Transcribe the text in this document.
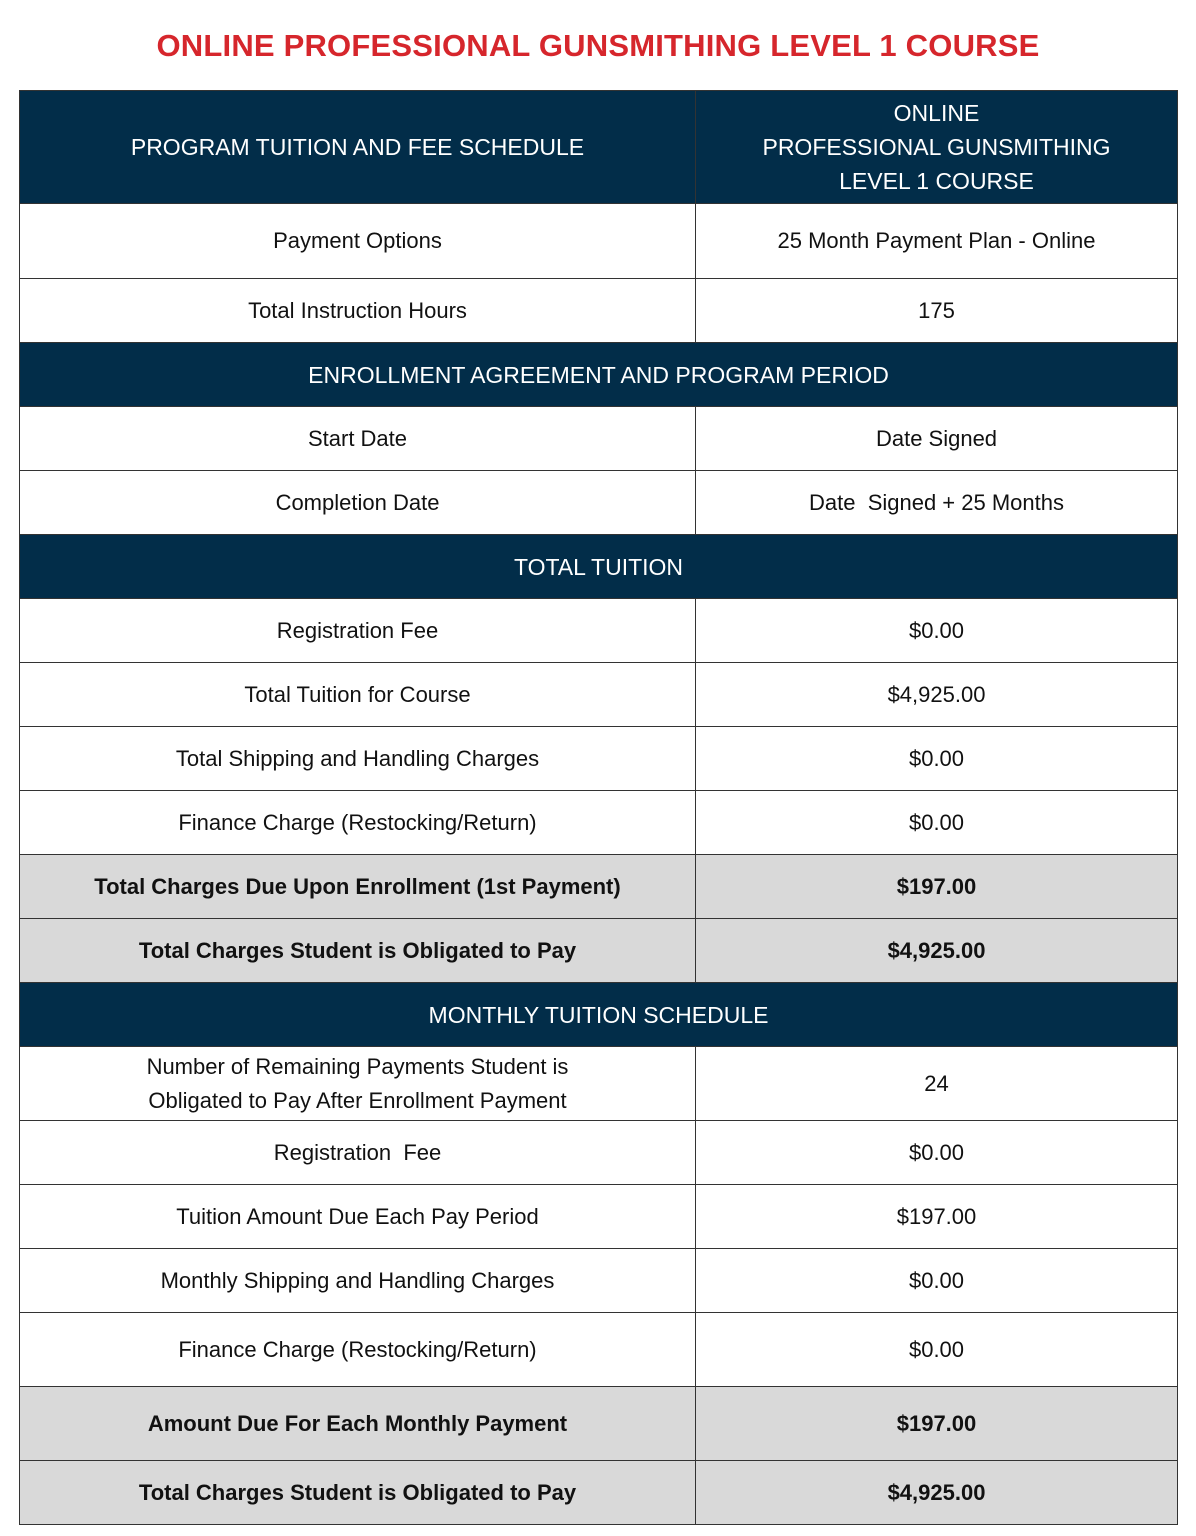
ONLINE PROFESSIONAL GUNSMITHING LEVEL 1 COURSE
PROGRAM TUITION AND FEE SCHEDULE	ONLINE
PROFESSIONAL GUNSMITHING
LEVEL 1 COURSE

Payment Options	25 Month Payment Plan - Online
Total Instruction Hours	175
ENROLLMENT AGREEMENT AND PROGRAM PERIOD	
Start Date	Date Signed
Completion Date	Date  Signed + 25 Months
TOTAL TUITION	
Registration Fee	$0.00
Total Tuition for Course	$4,925.00
Total Shipping and Handling Charges	$0.00
Finance Charge (Restocking/Return)	$0.00
Total Charges Due Upon Enrollment (1st Payment)	$197.00
Total Charges Student is Obligated to Pay	$4,925.00
MONTHLY TUITION SCHEDULE	

Number of Remaining Payments Student is
Obligated to Pay After Enrollment Payment	24
Registration  Fee	$0.00
Tuition Amount Due Each Pay Period	$197.00
Monthly Shipping and Handling Charges	$0.00
Finance Charge (Restocking/Return)	$0.00
Amount Due For Each Monthly Payment	$197.00
Total Charges Student is Obligated to Pay	$4,925.00
